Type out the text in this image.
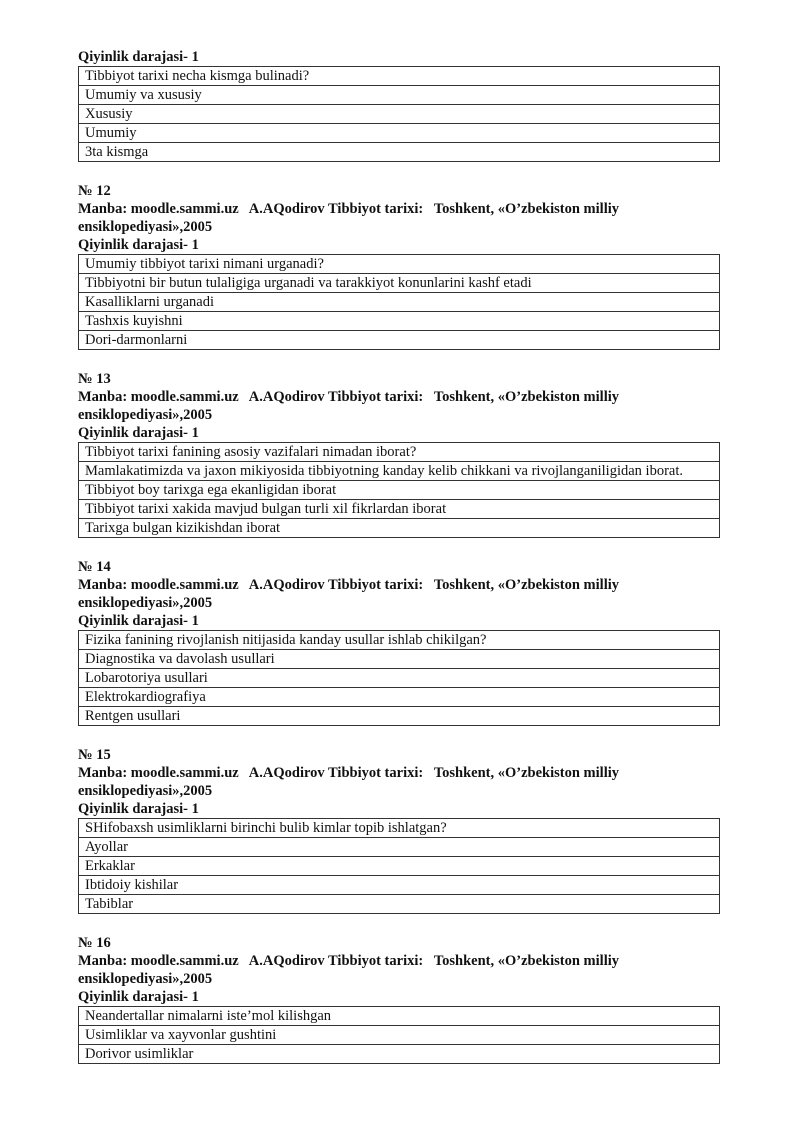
Qiyinlik darajasi- 1
Tibbiyot tarixi necha kismga bulinadi?
Umumiy va xususiy
Xususiy
Umumiy
3ta kismga
№ 12
Manba: moodle.sammi.uz   A.AQodirov Tibbiyot tarixi:   Toshkent, «O’zbekiston milliy ensiklopediyasi»,2005
Qiyinlik darajasi- 1
Umumiy tibbiyot tarixi nimani urganadi?
Tibbiyotni bir butun tulaligiga urganadi va tarakkiyot konunlarini kashf etadi
Kasalliklarni urganadi
Tashxis kuyishni
Dori-darmonlarni
№ 13
Manba: moodle.sammi.uz   A.AQodirov Tibbiyot tarixi:   Toshkent, «O’zbekiston milliy ensiklopediyasi»,2005
Qiyinlik darajasi- 1
Tibbiyot tarixi fanining asosiy vazifalari nimadan iborat?
Mamlakatimizda va jaxon mikiyosida tibbiyotning kanday kelib chikkani va rivojlanganiligidan iborat.
Tibbiyot boy tarixga ega ekanligidan iborat
Tibbiyot tarixi xakida mavjud bulgan turli xil fikrlardan iborat
Tarixga bulgan kizikishdan iborat
№ 14
Manba: moodle.sammi.uz   A.AQodirov Tibbiyot tarixi:   Toshkent, «O’zbekiston milliy ensiklopediyasi»,2005
Qiyinlik darajasi- 1
Fizika fanining rivojlanish nitijasida kanday usullar ishlab chikilgan?
Diagnostika va davolash usullari
Lobarotoriya usullari
Elektrokardiografiya
Rentgen usullari
№ 15
Manba: moodle.sammi.uz   A.AQodirov Tibbiyot tarixi:   Toshkent, «O’zbekiston milliy ensiklopediyasi»,2005
Qiyinlik darajasi- 1
SHifobaxsh usimliklarni birinchi bulib kimlar topib ishlatgan?
Ayollar
Erkaklar
Ibtidoiy kishilar
Tabiblar
№ 16
Manba: moodle.sammi.uz   A.AQodirov Tibbiyot tarixi:   Toshkent, «O’zbekiston milliy ensiklopediyasi»,2005
Qiyinlik darajasi- 1
Neandertallar nimalarni iste’mol kilishgan
Usimliklar va xayvonlar gushtini
Dorivor usimliklar
